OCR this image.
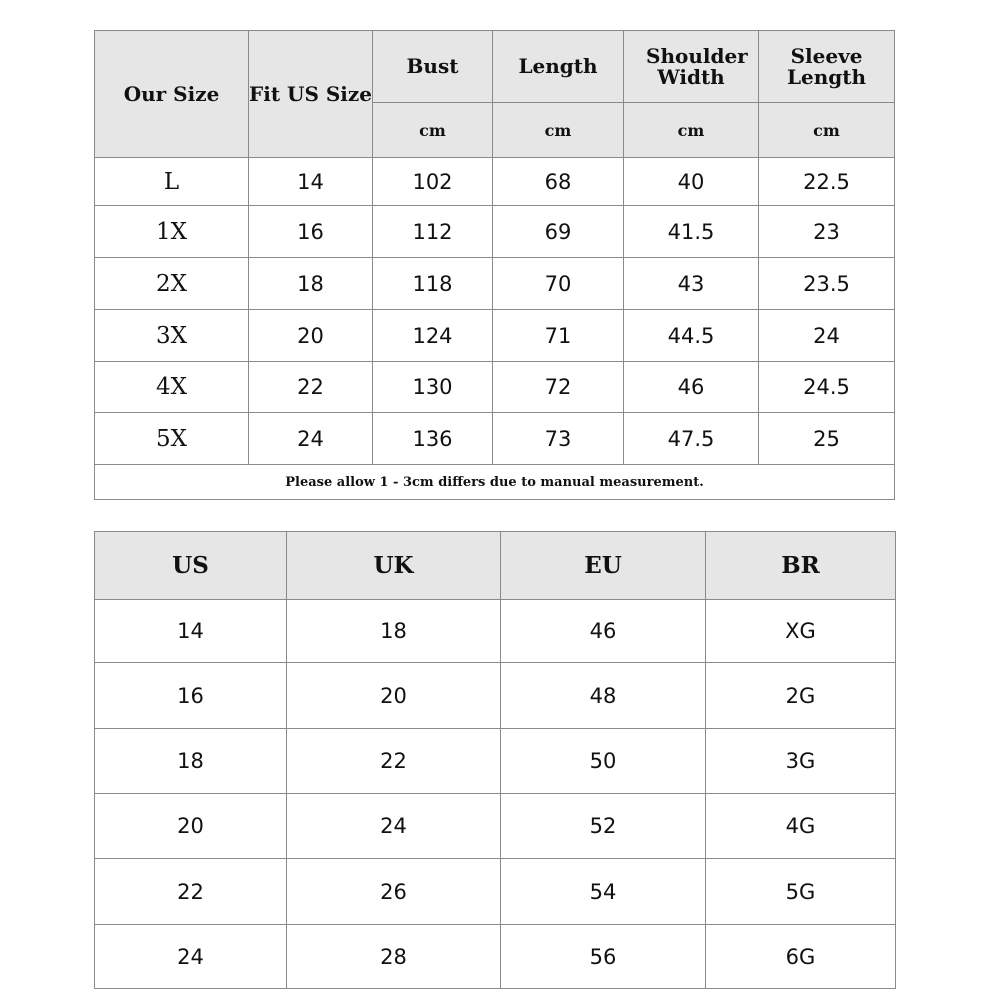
Our Size	Fit US Size	Bust	Length	Shoulder Width	Sleeve Length
		cm	cm	cm	cm
L	14	102	68	40	22.5
1X	16	112	69	41.5	23
2X	18	118	70	43	23.5
3X	20	124	71	44.5	24
4X	22	130	72	46	24.5
5X	24	136	73	47.5	25
Please allow 1 - 3cm differs due to manual measurement.					
US	UK	EU	BR
14	18	46	XG
16	20	48	2G
18	22	50	3G
20	24	52	4G
22	26	54	5G
24	28	56	6G
